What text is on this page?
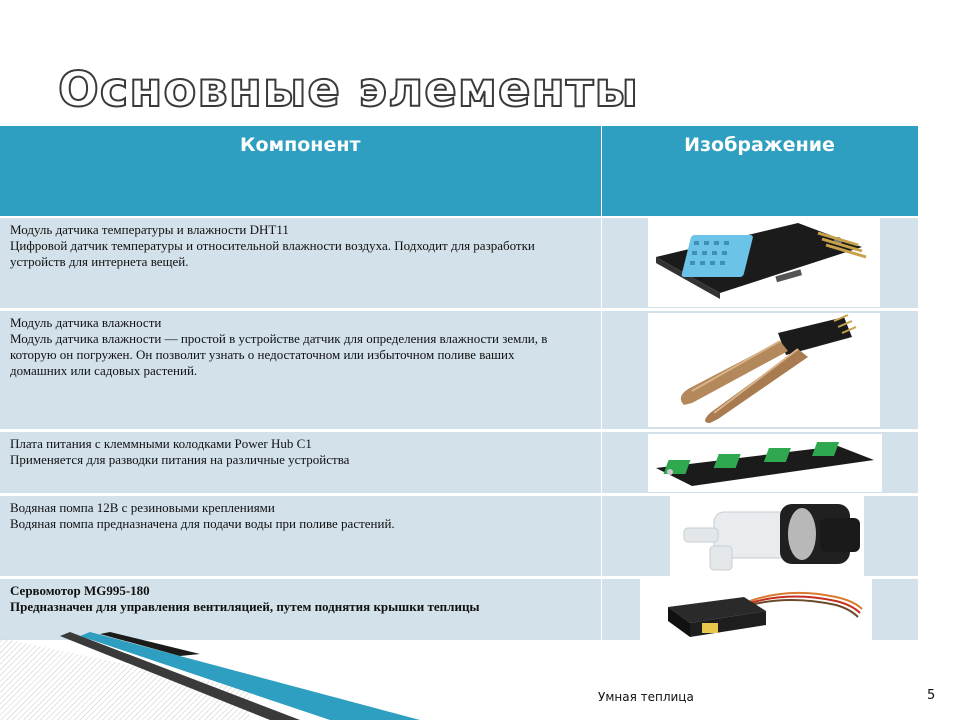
Основные элементы
Компонент	Изображение

Модуль датчика температуры и влажности DHT11
Цифровой датчик температуры и относительной влажности воздуха. Подходит для разработки устройств для интернета вещей.

Модуль датчика влажности
Модуль датчика влажности — простой в устройстве датчик для определения влажности земли, в которую он погружен. Он позволит узнать о недостаточном или избыточном поливе ваших
домашних или садовых растений.

Плата питания с клеммными колодками Power Hub C1
Применяется для разводки питания на различные устройства

Водяная помпа 12В с резиновыми креплениями
Водяная помпа предназначена для подачи воды при поливе растений.

Сервомотор MG995-180
Предназначен для управления вентиляцией, путем поднятия крышки теплицы

Умная теплица	5
